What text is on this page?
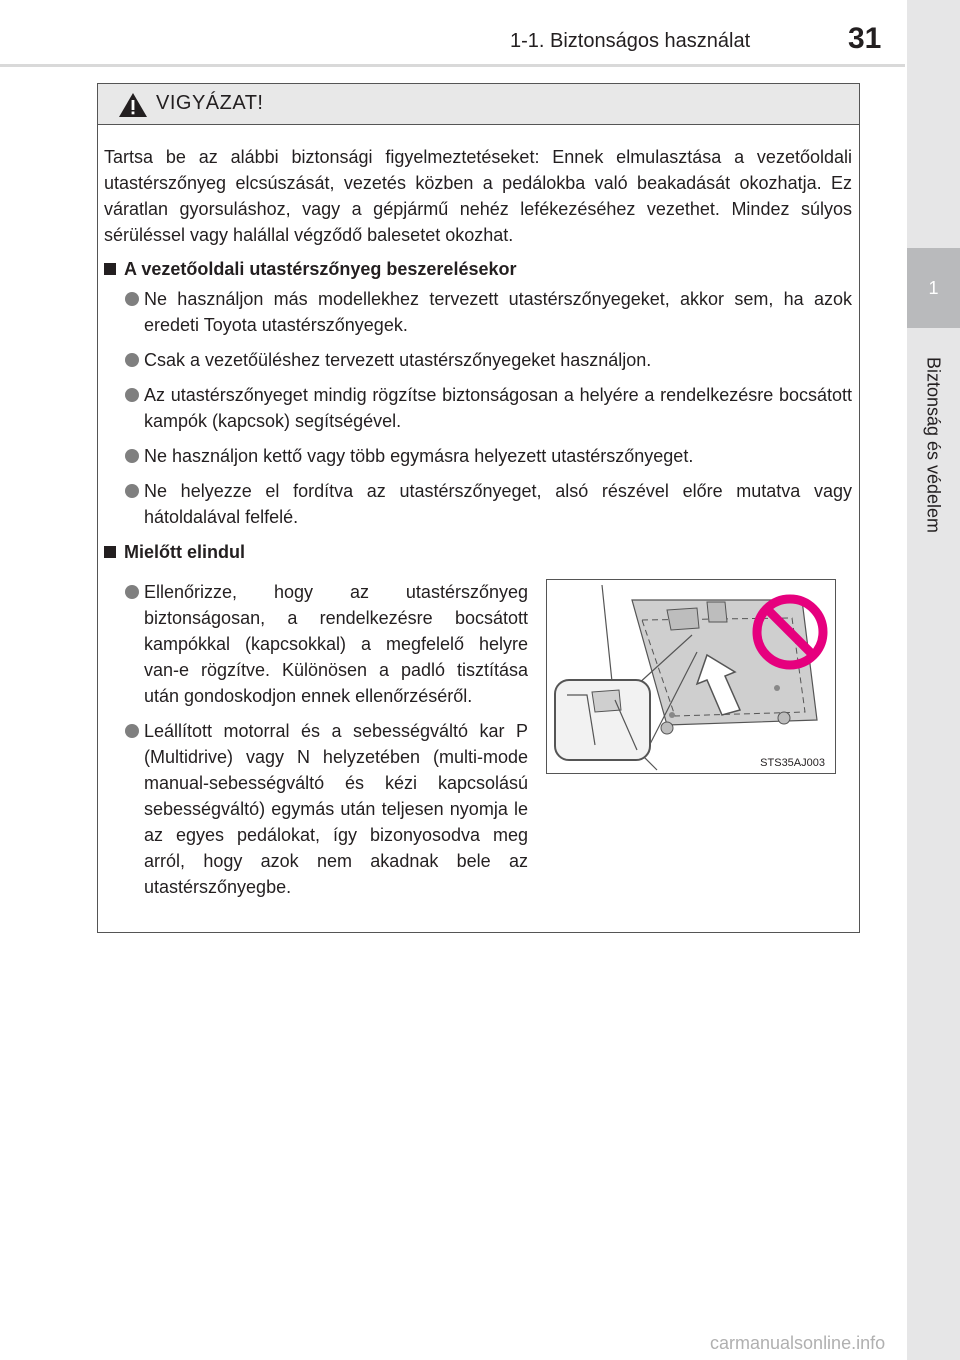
1-1. Biztonságos használat	31
1
Biztonság és védelem
VIGYÁZAT!

Tartsa be az alábbi biztonsági figyelmeztetéseket: Ennek elmulasztása a vezetőoldali utastérszőnyeg elcsúszását, vezetés közben a pedálokba való beakadását okozhatja. Ez váratlan gyorsuláshoz, vagy a gépjármű nehéz lefékezéséhez vezethet. Mindez súlyos sérüléssel vagy halállal végződő balesetet okozhat.

A vezetőoldali utastérszőnyeg beszerelésekor
Ne használjon más modellekhez tervezett utastérszőnyegeket, akkor sem, ha azok eredeti Toyota utastérszőnyegek.
Csak a vezetőüléshez tervezett utastérszőnyegeket használjon.
Az utastérszőnyeget mindig rögzítse biztonságosan a helyére a rendelkezésre bocsátott kampók (kapcsok) segítségével.
Ne használjon kettő vagy több egymásra helyezett utastérszőnyeget.
Ne helyezze el fordítva az utastérszőnyeget, alsó részével előre mutatva vagy hátoldalával felfelé.
Mielőtt elindul
Ellenőrizze, hogy az utastérszőnyeg biztonságosan, a rendelkezésre bocsátott kampókkal (kapcsokkal) a megfelelő helyre van-e rögzítve. Különösen a padló tisztítása után gondoskodjon ennek ellenőrzéséről.
Leállított motorral és a sebességváltó kar P (Multidrive) vagy N helyzetében (multi-mode manual-sebességváltó és kézi kapcsolású sebességváltó) egymás után teljesen nyomja le az egyes pedálokat, így bizonyosodva meg arról, hogy azok nem akadnak bele az utastérszőnyegbe.
STS35AJ003
carmanualsonline.info
